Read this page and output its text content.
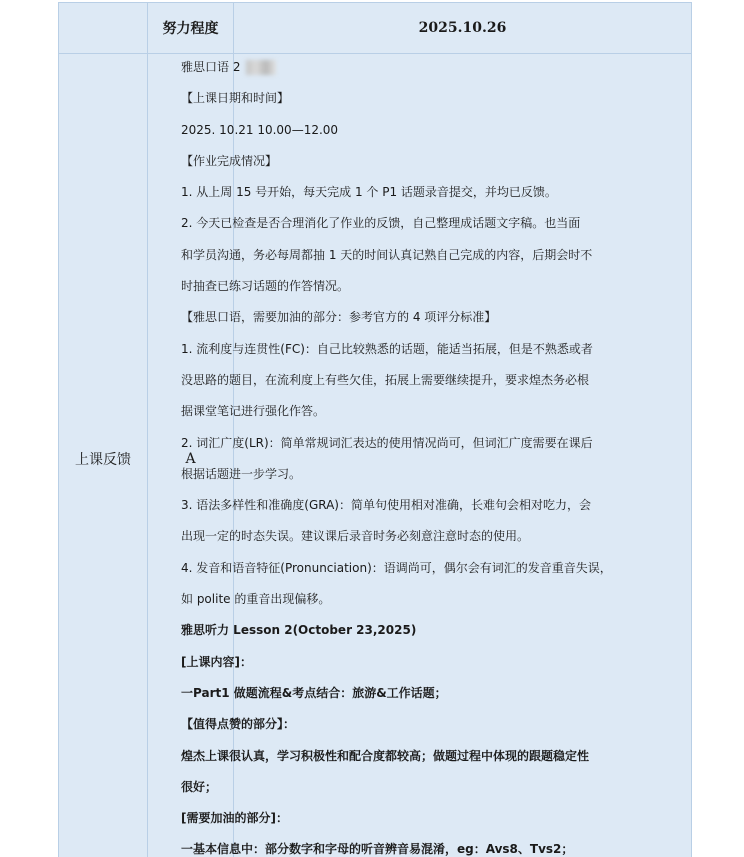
努力程度	2025.10.26
上课反馈	A
雅思口语 2
【上课日期和时间】
2025. 10.21 10.00—12.00
【作业完成情况】
1. 从上周 15 号开始，每天完成 1 个 P1 话题录音提交，并均已反馈。
2. 今天已检查是否合理消化了作业的反馈，自己整理成话题文字稿。也当面
和学员沟通，务必每周都抽 1 天的时间认真记熟自己完成的内容，后期会时不
时抽查已练习话题的作答情况。
【雅思口语，需要加油的部分：参考官方的 4 项评分标准】
1. 流利度与连贯性(FC)：自己比较熟悉的话题，能适当拓展，但是不熟悉或者
没思路的题目，在流利度上有些欠佳，拓展上需要继续提升，要求煌杰务必根
据课堂笔记进行强化作答。
2. 词汇广度(LR)：简单常规词汇表达的使用情况尚可，但词汇广度需要在课后
根据话题进一步学习。
3. 语法多样性和准确度(GRA)：简单句使用相对准确，长难句会相对吃力，会
出现一定的时态失误。建议课后录音时务必刻意注意时态的使用。
4. 发音和语音特征(Pronunciation)：语调尚可，偶尔会有词汇的发音重音失误，
如 polite 的重音出现偏移。
雅思听力 Lesson 2(October 23,2025)
[上课内容]：
一Part1 做题流程&考点结合：旅游&工作话题；
【值得点赞的部分】：
煌杰上课很认真，学习积极性和配合度都较高；做题过程中体现的跟题稳定性
很好；
[需要加油的部分]：
一基本信息中：部分数字和字母的听音辨音易混淆，eg：Avs8、Tvs2；
